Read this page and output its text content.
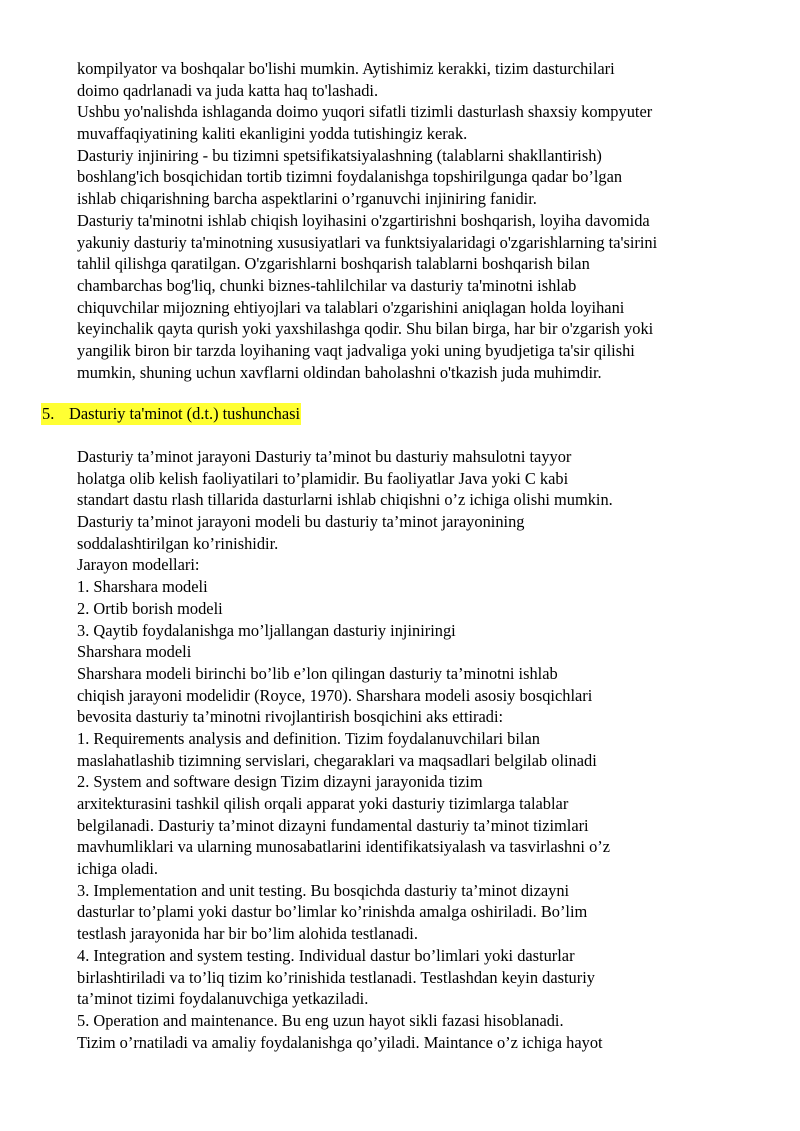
kompilyator va boshqalar bo'lishi mumkin. Aytishimiz kerakki, tizim dasturchilari
doimo qadrlanadi va juda katta haq to'lashadi.
Ushbu yo'nalishda ishlaganda doimo yuqori sifatli tizimli dasturlash shaxsiy kompyuter
muvaffaqiyatining kaliti ekanligini yodda tutishingiz kerak.
Dasturiy injiniring - bu tizimni spetsifikatsiyalashning (talablarni shakllantirish)
boshlang'ich bosqichidan tortib tizimni foydalanishga topshirilgunga qadar bo’lgan
ishlab chiqarishning barcha aspektlarini o’rganuvchi injiniring fanidir.
Dasturiy ta'minotni ishlab chiqish loyihasini o'zgartirishni boshqarish, loyiha davomida
yakuniy dasturiy ta'minotning xususiyatlari va funktsiyalaridagi o'zgarishlarning ta'sirini
tahlil qilishga qaratilgan. O'zgarishlarni boshqarish talablarni boshqarish bilan
chambarchas bog'liq, chunki biznes-tahlilchilar va dasturiy ta'minotni ishlab
chiquvchilar mijozning ehtiyojlari va talablari o'zgarishini aniqlagan holda loyihani
keyinchalik qayta qurish yoki yaxshilashga qodir. Shu bilan birga, har bir o'zgarish yoki
yangilik biron bir tarzda loyihaning vaqt jadvaliga yoki uning byudjetiga ta'sir qilishi
mumkin, shuning uchun xavflarni oldindan baholashni o'tkazish juda muhimdir.
5. Dasturiy ta'minot (d.t.) tushunchasi
Dasturiy ta’minot jarayoni Dasturiy ta’minot bu dasturiy mahsulotni tayyor
holatga olib kelish faoliyatilari to’plamidir. Bu faoliyatlar Java yoki C kabi
standart dastu rlash tillarida dasturlarni ishlab chiqishni o’z ichiga olishi mumkin.
Dasturiy ta’minot jarayoni modeli bu dasturiy ta’minot jarayonining
soddalashtirilgan ko’rinishidir.
Jarayon modellari:
1. Sharshara modeli
2. Ortib borish modeli
3. Qaytib foydalanishga mo’ljallangan dasturiy injiniringi
Sharshara modeli
Sharshara modeli birinchi bo’lib e’lon qilingan dasturiy ta’minotni ishlab
chiqish jarayoni modelidir (Royce, 1970). Sharshara modeli asosiy bosqichlari
bevosita dasturiy ta’minotni rivojlantirish bosqichini aks ettiradi:
1. Requirements analysis and definition. Tizim foydalanuvchilari bilan
maslahatlashib tizimning servislari, chegaraklari va maqsadlari belgilab olinadi
2. System and software design Tizim dizayni jarayonida tizim
arxitekturasini tashkil qilish orqali apparat yoki dasturiy tizimlarga talablar
belgilanadi. Dasturiy ta’minot dizayni fundamental dasturiy ta’minot tizimlari
mavhumliklari va ularning munosabatlarini identifikatsiyalash va tasvirlashni o’z
ichiga oladi.
3. Implementation and unit testing. Bu bosqichda dasturiy ta’minot dizayni
dasturlar to’plami yoki dastur bo’limlar ko’rinishda amalga oshiriladi. Bo’lim
testlash jarayonida har bir bo’lim alohida testlanadi.
4. Integration and system testing. Individual dastur bo’limlari yoki dasturlar
birlashtiriladi va to’liq tizim ko’rinishida testlanadi. Testlashdan keyin dasturiy
ta’minot tizimi foydalanuvchiga yetkaziladi.
5. Operation and maintenance. Bu eng uzun hayot sikli fazasi hisoblanadi.
Tizim o’rnatiladi va amaliy foydalanishga qo’yiladi. Maintance o’z ichiga hayot
